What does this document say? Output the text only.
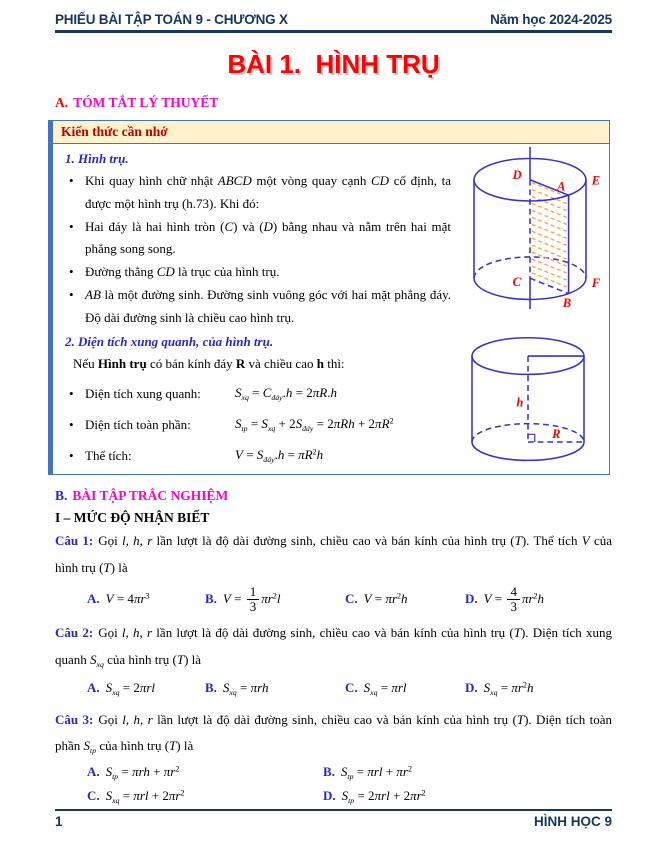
PHIẾU BÀI TẬP TOÁN 9 - CHƯƠNG X	Năm học 2024-2025
BÀI 1.  HÌNH TRỤ
A. TÓM TẮT LÝ THUYẾT
Kiến thức cần nhớ
1. Hình trụ.
• Khi quay hình chữ nhật ABCD một vòng quay cạnh CD cố định, ta được một hình trụ (h.73). Khi đó:
• Hai đáy là hai hình tròn (C) và (D) bằng nhau và nằm trên hai mặt phẳng song song.
• Đường thẳng CD là trục của hình trụ.
• AB là một đường sinh. Đường sinh vuông góc với hai mặt phẳng đáy. Độ dài đường sinh là chiều cao hình trụ.
2. Diện tích xung quanh, của hình trụ.
Nếu Hình trụ có bán kính đáy R và chiều cao h thì:
• Diện tích xung quanh:	$S_{xq} = C_{đáy}.h = 2\pi R.h$
• Diện tích toàn phần:	$S_{tp} = S_{xq} + 2S_{đáy} = 2\pi Rh + 2\pi R^2$
• Thể tích:	$V = S_{đáy}.h = \pi R^2h$
D
A E
C
B
F
h
R
B. BÀI TẬP TRẮC NGHIỆM
I – MỨC ĐỘ NHẬN BIẾT

Câu 1: Gọi l, h, r lần lượt là độ dài đường sinh, chiều cao và bán kính của hình trụ (T). Thể tích V của hình trụ (T) là

A. $V = 4\pi r^3$	B. $V = \frac{1}{3} \pi r^2l$	C. $V = \pi r^2h$	D. $V = \frac{4}{3} \pi r^2h$

Câu 2: Gọi l, h, r lần lượt là độ dài đường sinh, chiều cao và bán kính của hình trụ (T). Diện tích xung quanh $S_{xq}$ của hình trụ (T) là

A. $S_{xq} = 2\pi rl$	B. $S_{xq} = \pi rh$	C. $S_{xq} = \pi rl$	D. $S_{xq} = \pi r^2h$

Câu 3: Gọi l, h, r lần lượt là độ dài đường sinh, chiều cao và bán kính của hình trụ (T). Diện tích toàn phần $S_{tp}$ của hình trụ (T) là

A. $S_{tp} = \pi rh + \pi r^2$	B. $S_{tp} = \pi rl + \pi r^2$
C. $S_{xq} = \pi rl + 2\pi r^2$	D. $S_{tp} = 2\pi rl + 2\pi r^2$
1	HÌNH HỌC 9
